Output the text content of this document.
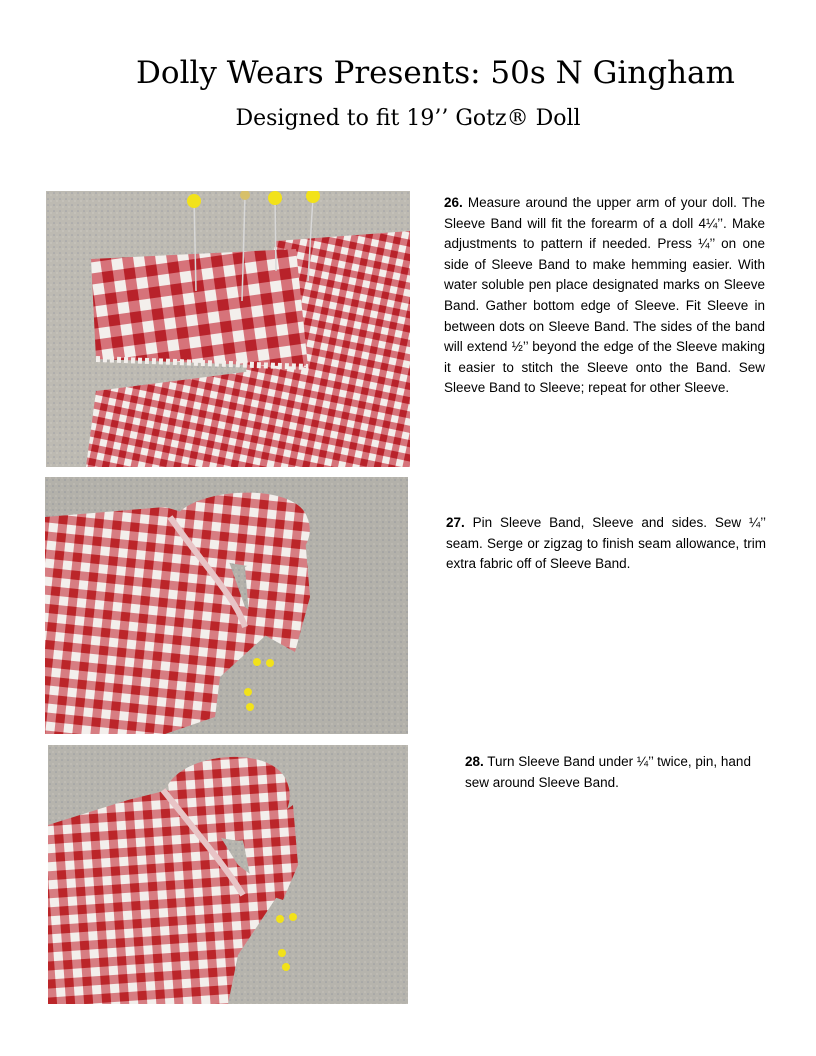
Dolly Wears Presents: 50s N Gingham
Designed to fit 19’’ Gotz® Doll
26. Measure around the upper arm of your doll. The Sleeve Band will fit the forearm of a doll 4¼’’. Make adjustments to pattern if needed. Press ¼’’ on one side of Sleeve Band to make hemming easier. With water soluble pen place designated marks on Sleeve Band. Gather bottom edge of Sleeve. Fit Sleeve in between dots on Sleeve Band. The sides of the band will extend ½’’ beyond the edge of the Sleeve making it easier to stitch the Sleeve onto the Band. Sew Sleeve Band to Sleeve; repeat for other Sleeve.
27. Pin Sleeve Band, Sleeve and sides. Sew ¼’’ seam. Serge or zigzag to finish seam allowance, trim extra fabric off of Sleeve Band.
28. Turn Sleeve Band under ¼’’ twice, pin, hand sew around Sleeve Band.
